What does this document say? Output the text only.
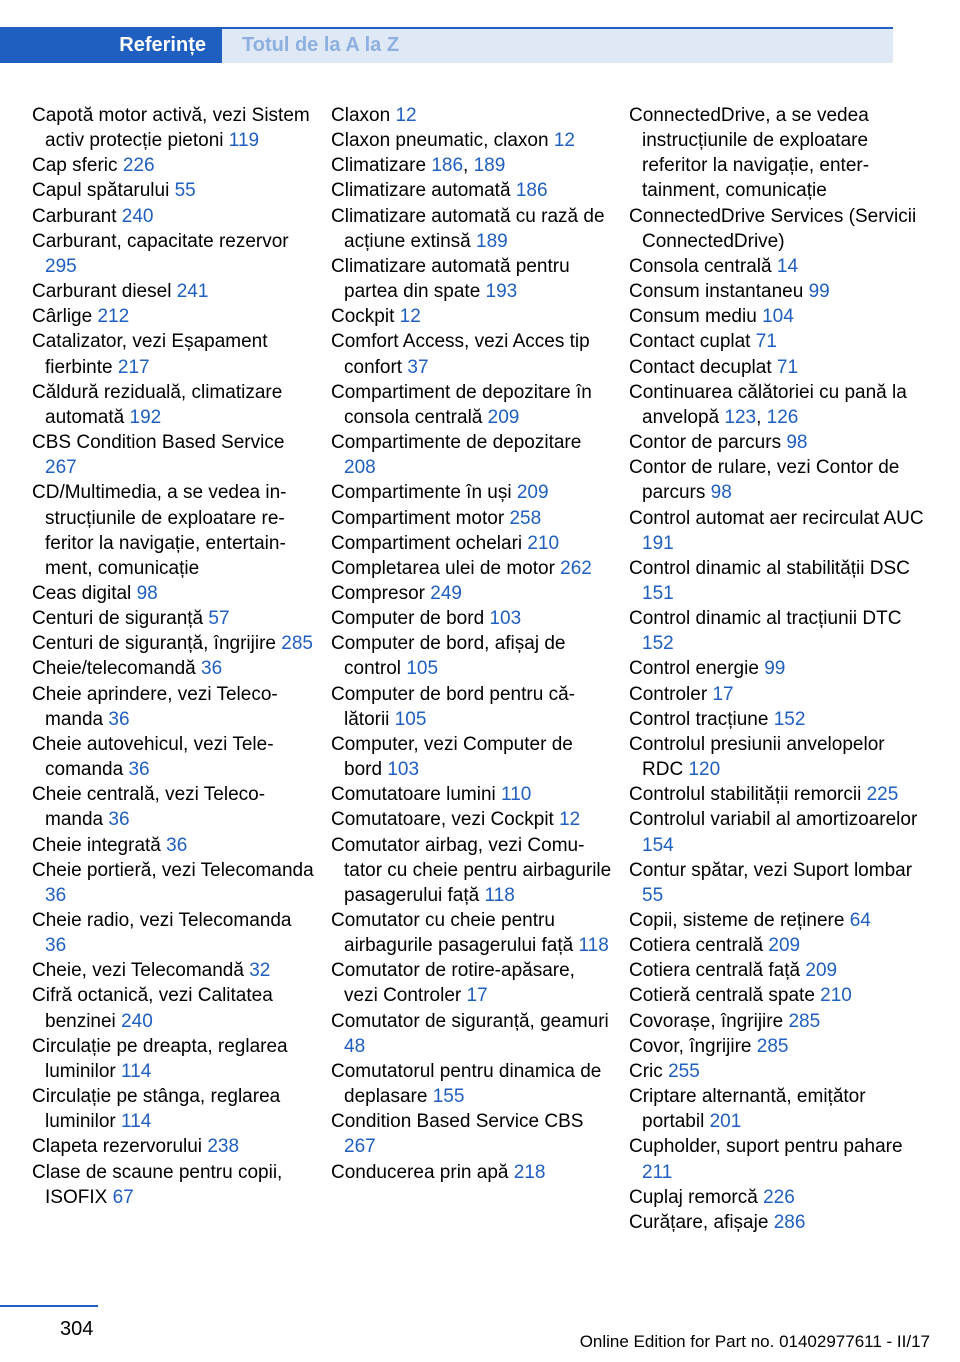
Referințe	Totul de la A la Z
Capotă motor activă, vezi Sistem activ protecție pietoni 119
Cap sferic 226
Capul spătarului 55
Carburant 240
Carburant, capacitate rezervor 295
Carburant diesel 241
Cârlige 212
Catalizator, vezi Eșapament fierbinte 217
Căldură reziduală, climatizare automată 192
CBS Condition Based Service 267
CD/Multimedia, a se vedea instrucțiunile de exploatare referitor la navigație, entertainment, comunicație
Ceas digital 98
Centuri de siguranță 57
Centuri de siguranță, îngrijire 285
Cheie/telecomandă 36
Cheie aprindere, vezi Telecomanda 36
Cheie autovehicul, vezi Telecomanda 36
Cheie centrală, vezi Telecomanda 36
Cheie integrată 36
Cheie portieră, vezi Telecomanda 36
Cheie radio, vezi Telecomanda 36
Cheie, vezi Telecomandă 32
Cifră octanică, vezi Calitatea benzinei 240
Circulație pe dreapta, reglarea luminilor 114
Circulație pe stânga, reglarea luminilor 114
Clapeta rezervorului 238
Clase de scaune pentru copii, ISOFIX 67
Claxon 12
Claxon pneumatic, claxon 12
Climatizare 186, 189
Climatizare automată 186
Climatizare automată cu rază de acțiune extinsă 189
Climatizare automată pentru partea din spate 193
Cockpit 12
Comfort Access, vezi Acces tip confort 37
Compartiment de depozitare în consola centrală 209
Compartimente de depozitare 208
Compartimente în uși 209
Compartiment motor 258
Compartiment ochelari 210
Completarea ulei de motor 262
Compresor 249
Computer de bord 103
Computer de bord, afișaj de control 105
Computer de bord pentru călătorii 105
Computer, vezi Computer de bord 103
Comutatoare lumini 110
Comutatoare, vezi Cockpit 12
Comutator airbag, vezi Comutator cu cheie pentru airbagurile pasagerului față 118
Comutator cu cheie pentru airbagurile pasagerului față 118
Comutator de rotire-apăsare, vezi Controler 17
Comutator de siguranță, geamuri 48
Comutatorul pentru dinamica de deplasare 155
Condition Based Service CBS 267
Conducerea prin apă 218
ConnectedDrive, a se vedea instrucțiunile de exploatare referitor la navigație, entertainment, comunicație
ConnectedDrive Services (Servicii ConnectedDrive)
Consola centrală 14
Consum instantaneu 99
Consum mediu 104
Contact cuplat 71
Contact decuplat 71
Continuarea călătoriei cu pană la anvelopă 123, 126
Contor de parcurs 98
Contor de rulare, vezi Contor de parcurs 98
Control automat aer recirculat AUC 191
Control dinamic al stabilității DSC 151
Control dinamic al tracțiunii DTC 152
Control energie 99
Controler 17
Control tracțiune 152
Controlul presiunii anvelopelor RDC 120
Controlul stabilității remorcii 225
Controlul variabil al amortizoarelor 154
Contur spătar, vezi Suport lombar 55
Copii, sisteme de reținere 64
Cotiera centrală 209
Cotiera centrală față 209
Cotieră centrală spate 210
Covorașe, îngrijire 285
Covor, îngrijire 285
Cric 255
Criptare alternantă, emițător portabil 201
Cupholder, suport pentru pahare 211
Cuplaj remorcă 226
Curățare, afișaje 286
304
Online Edition for Part no. 01402977611 - II/17
